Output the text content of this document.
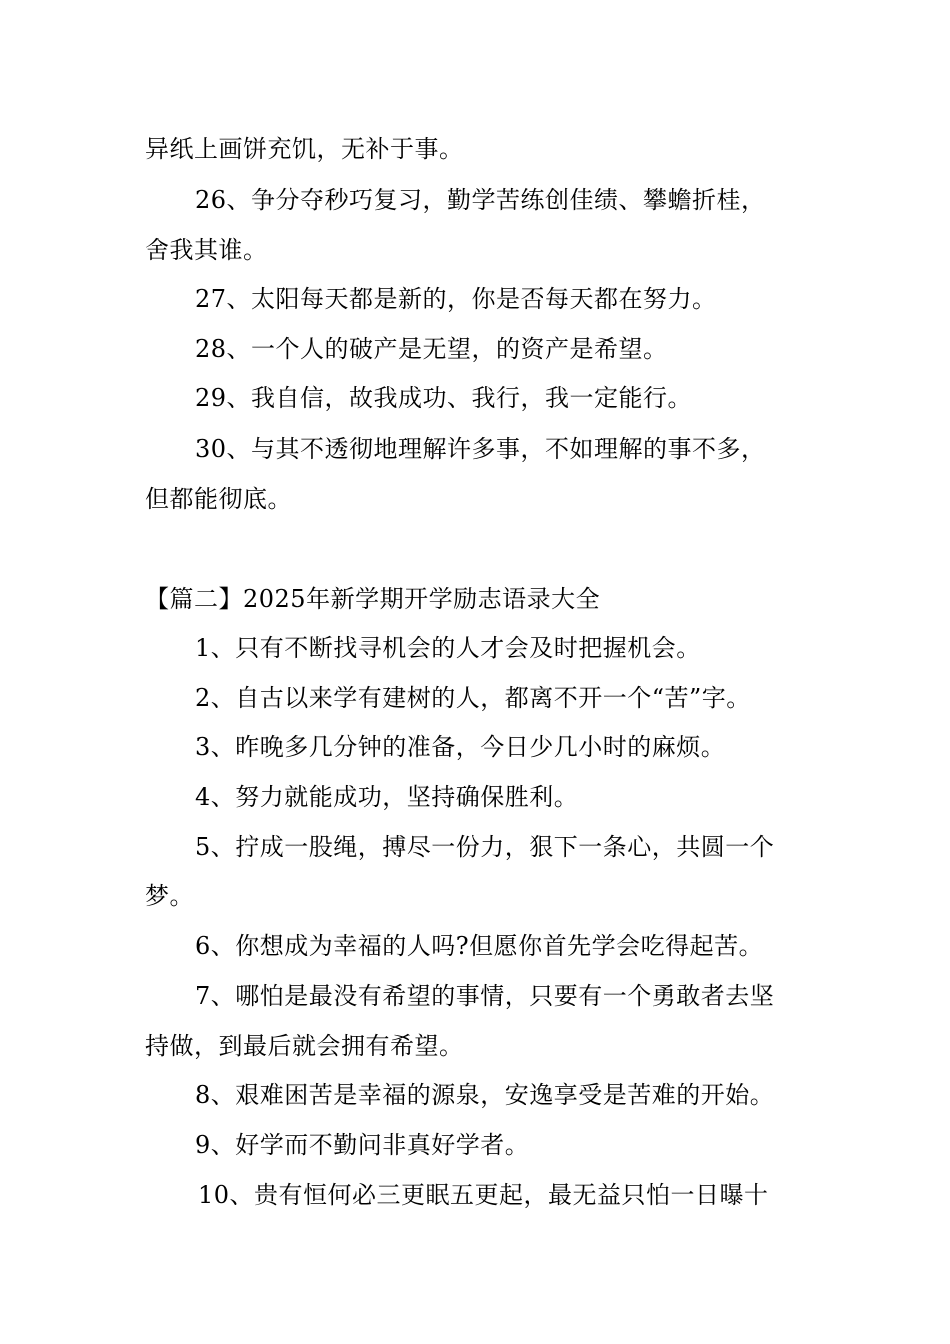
异纸上画饼充饥，无补于事。
26、争分夺秒巧复习，勤学苦练创佳绩、攀蟾折桂，
舍我其谁。
27、太阳每天都是新的，你是否每天都在努力。
28、一个人的破产是无望，的资产是希望。
29、我自信，故我成功、我行，我一定能行。
30、与其不透彻地理解许多事，不如理解的事不多，
但都能彻底。
【篇二】2025年新学期开学励志语录大全
1、只有不断找寻机会的人才会及时把握机会。
2、自古以来学有建树的人，都离不开一个“苦”字。
3、昨晚多几分钟的准备，今日少几小时的麻烦。
4、努力就能成功，坚持确保胜利。
5、拧成一股绳，搏尽一份力，狠下一条心，共圆一个
梦。
6、你想成为幸福的人吗?但愿你首先学会吃得起苦。
7、哪怕是最没有希望的事情，只要有一个勇敢者去坚
持做，到最后就会拥有希望。
8、艰难困苦是幸福的源泉，安逸享受是苦难的开始。
9、好学而不勤问非真好学者。
10、贵有恒何必三更眠五更起，最无益只怕一日曝十
